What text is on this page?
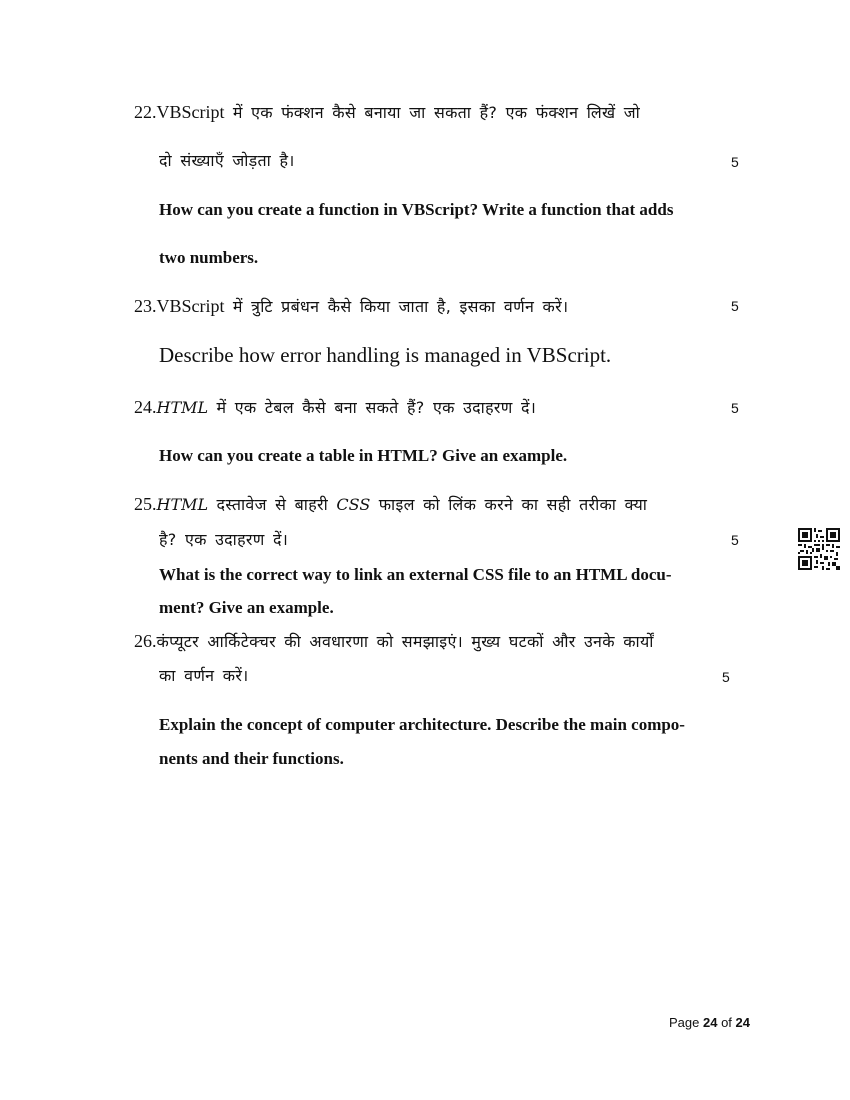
22.VBScript में एक फंक्शन कैसे बनाया जा सकता हैं? एक फंक्शन लिखें जो
दो संख्याएँ जोड़ता है।	5
How can you create a function in VBScript? Write a function that adds
two numbers.
23.VBScript में त्रुटि प्रबंधन कैसे किया जाता है, इसका वर्णन करें।	5
Describe how error handling is managed in VBScript.
24.HTML में एक टेबल कैसे बना सकते हैं? एक उदाहरण दें।	5
How can you create a table in HTML? Give an example.
25.HTML दस्तावेज से बाहरी CSS फाइल को लिंक करने का सही तरीका क्या
है? एक उदाहरण दें।	5
What is the correct way to link an external CSS file to an HTML docu-
ment? Give an example.
26.कंप्यूटर आर्किटेक्चर की अवधारणा को समझाइएं। मुख्य घटकों और उनके कार्यों
का वर्णन करें।	5
Explain the concept of computer architecture. Describe the main compo-
nents and their functions.
Page 24 of 24
